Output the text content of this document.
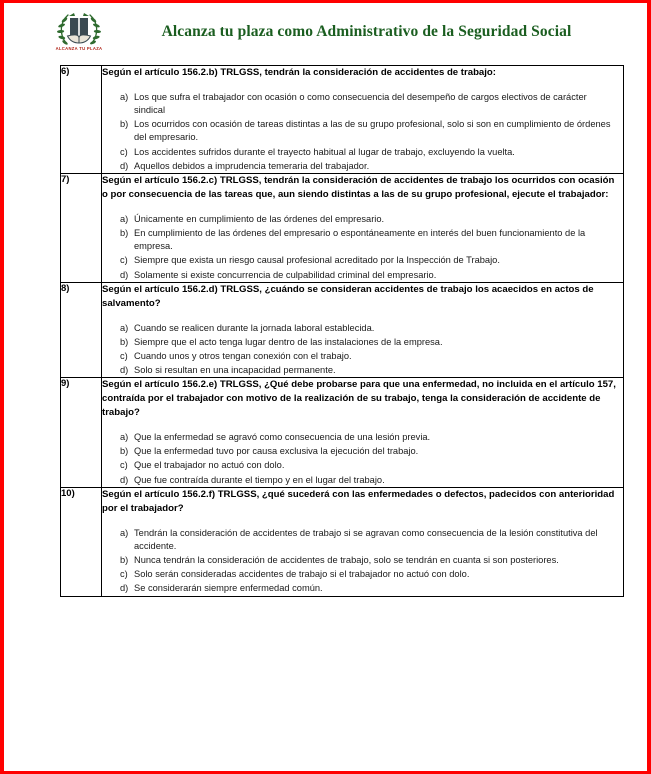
ALCANZA TU PLAZA
Alcanza tu plaza como Administrativo de la Seguridad Social
6)	Según el artículo 156.2.b) TRLGSS, tendrán la consideración de accidentes de trabajo:

a) Los que sufra el trabajador con ocasión o como consecuencia del desempeño de cargos electivos de carácter sindical
b) Los ocurridos con ocasión de tareas distintas a las de su grupo profesional, solo si son en cumplimiento de órdenes del empresario.
c) Los accidentes sufridos durante el trayecto habitual al lugar de trabajo, excluyendo la vuelta.
d) Aquellos debidos a imprudencia temeraria del trabajador.

7)	Según el artículo 156.2.c) TRLGSS, tendrán la consideración de accidentes de trabajo los ocurridos con ocasión o por consecuencia de las tareas que, aun siendo distintas a las de su grupo profesional, ejecute el trabajador:

a) Únicamente en cumplimiento de las órdenes del empresario.
b) En cumplimiento de las órdenes del empresario o espontáneamente en interés del buen funcionamiento de la empresa.
c) Siempre que exista un riesgo causal profesional acreditado por la Inspección de Trabajo.
d) Solamente si existe concurrencia de culpabilidad criminal del empresario.

8)	Según el artículo 156.2.d) TRLGSS, ¿cuándo se consideran accidentes de trabajo los acaecidos en actos de salvamento?

a) Cuando se realicen durante la jornada laboral establecida.
b) Siempre que el acto tenga lugar dentro de las instalaciones de la empresa.
c) Cuando unos y otros tengan conexión con el trabajo.
d) Solo si resultan en una incapacidad permanente.

9)	Según el artículo 156.2.e) TRLGSS, ¿Qué debe probarse para que una enfermedad, no incluida en el artículo 157, contraída por el trabajador con motivo de la realización de su trabajo, tenga la consideración de accidente de trabajo?

a) Que la enfermedad se agravó como consecuencia de una lesión previa.
b) Que la enfermedad tuvo por causa exclusiva la ejecución del trabajo.
c) Que el trabajador no actuó con dolo.
d) Que fue contraída durante el tiempo y en el lugar del trabajo.

10)	Según el artículo 156.2.f) TRLGSS, ¿qué sucederá con las enfermedades o defectos, padecidos con anterioridad por el trabajador?

a) Tendrán la consideración de accidentes de trabajo si se agravan como consecuencia de la lesión constitutiva del accidente.
b) Nunca tendrán la consideración de accidentes de trabajo, solo se tendrán en cuanta si son posteriores.
c) Solo serán consideradas accidentes de trabajo si el trabajador no actuó con dolo.
d) Se considerarán siempre enfermedad común.
